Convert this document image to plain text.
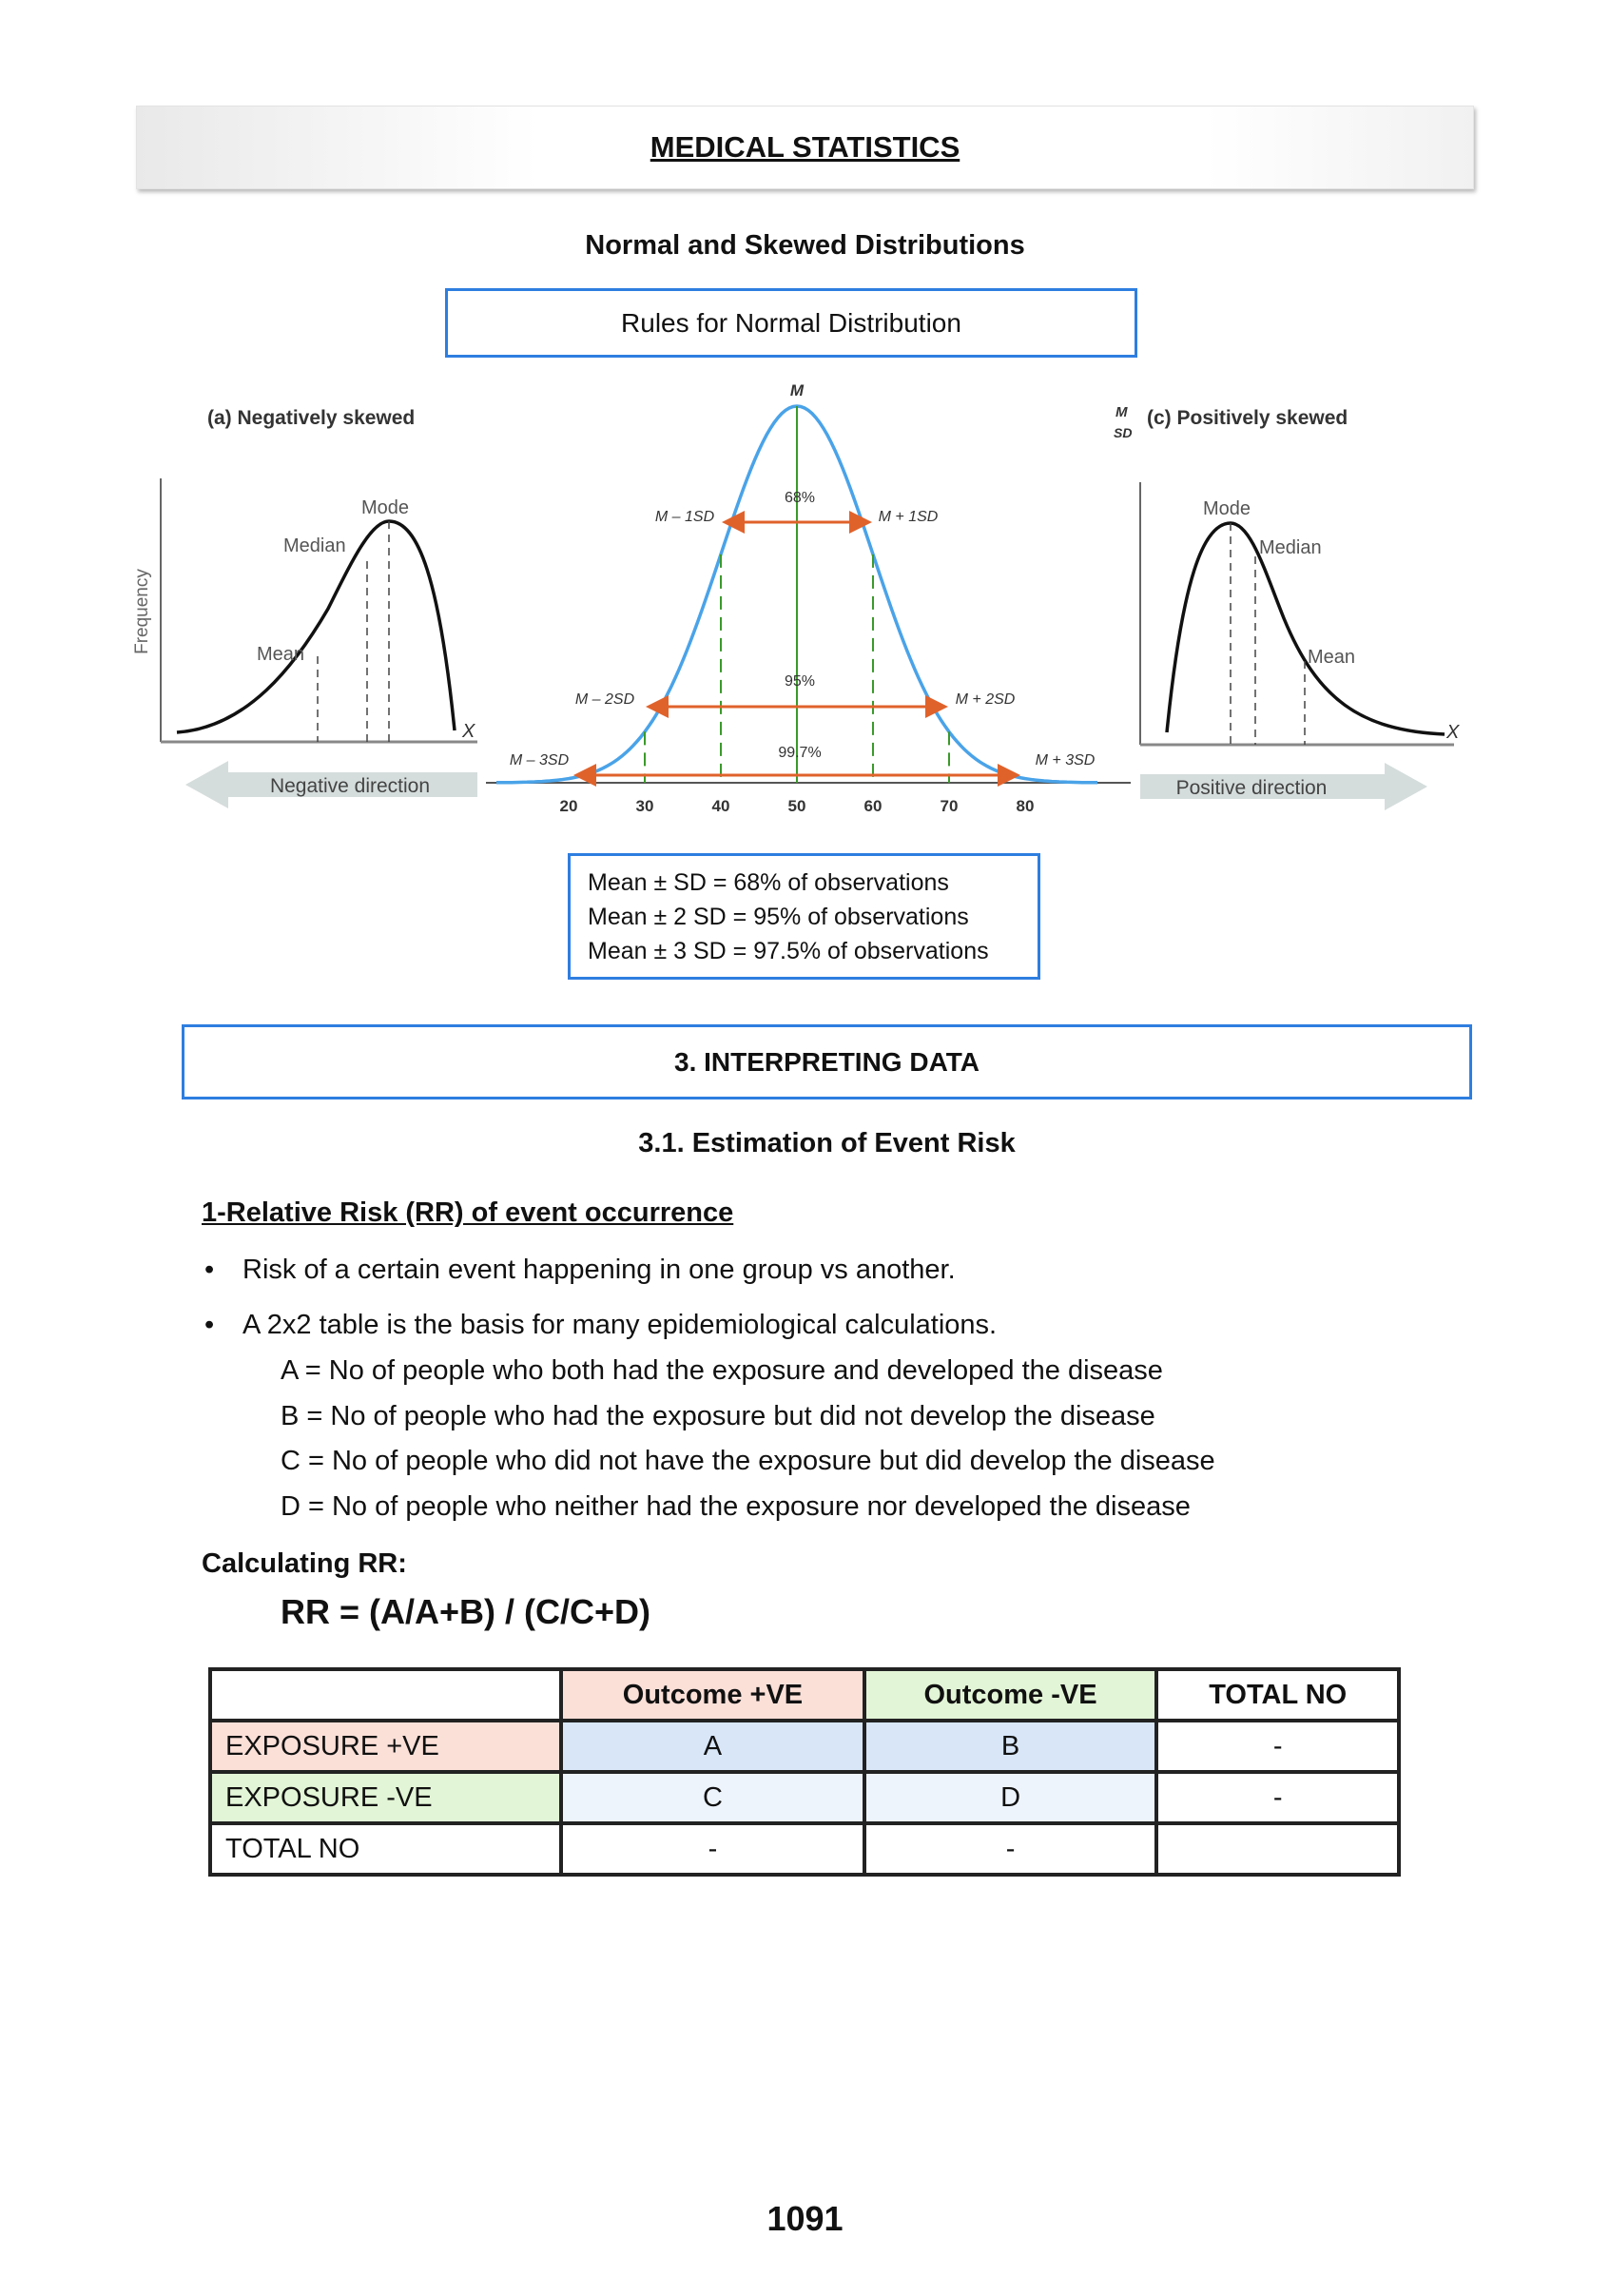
MEDICAL STATISTICS
Normal and Skewed Distributions
Rules for Normal Distribution
(a) Negatively skewed
Frequency
Mode
Median
Mean
X
Negative direction
M
M – 1SD	M + 1SD
M – 2SD	M + 2SD
M – 3SD	M + 3SD
68%
95%
99.7%
20	30	40	50	60	70	80
M
SD
(c) Positively skewed
Mode
Median
Mean
X
Positive direction
Mean ± SD = 68% of observations
Mean ± 2 SD = 95% of observations
Mean ± 3 SD = 97.5% of observations
3. INTERPRETING DATA
3.1. Estimation of Event Risk
1-Relative Risk (RR) of event occurrence
• Risk of a certain event happening in one group vs another.
• A 2x2 table is the basis for many epidemiological calculations.
A = No of people who both had the exposure and developed the disease
B = No of people who had the exposure but did not develop the disease
C = No of people who did not have the exposure but did develop the disease
D = No of people who neither had the exposure nor developed the disease
Calculating RR:
RR = (A/A+B) / (C/C+D)
	Outcome +VE	Outcome -VE	TOTAL NO
EXPOSURE +VE	A	B	-
EXPOSURE -VE	C	D	-
TOTAL NO	-	-	
1091
